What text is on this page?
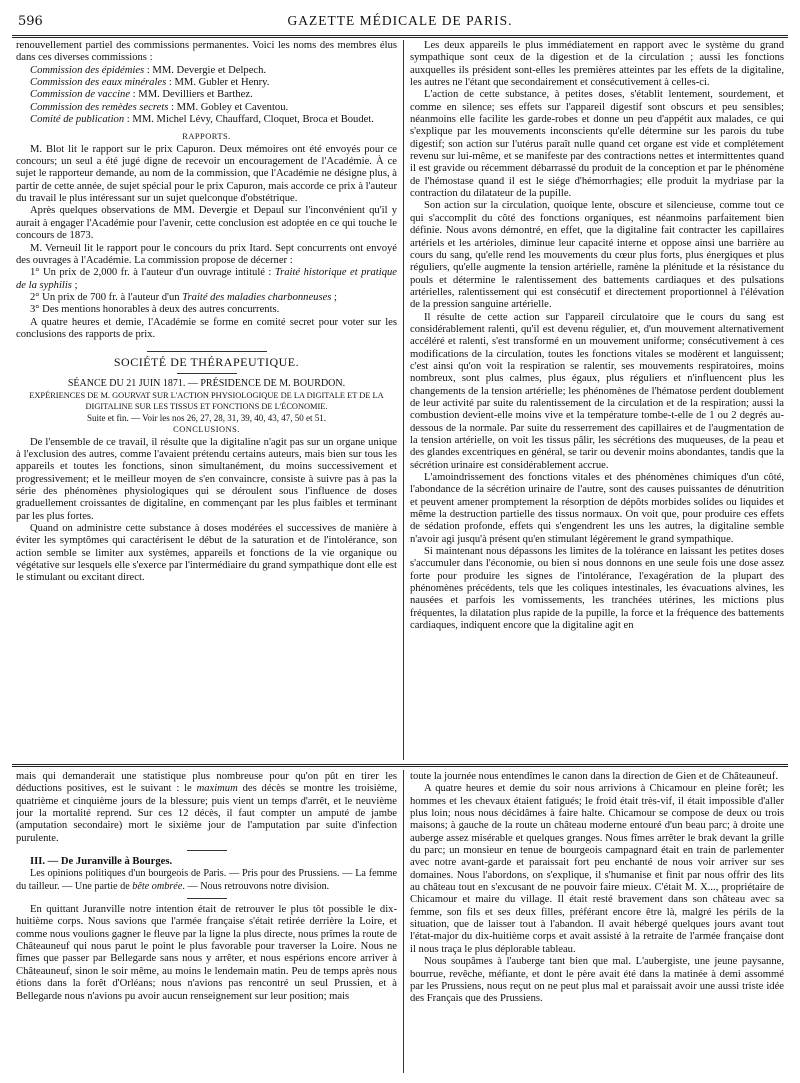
596	GAZETTE MÉDICALE DE PARIS.

renouvellement partiel des commissions permanentes. Voici les noms des membres élus dans ces diverses commissions :

Commission des épidémies : MM. Devergie et Delpech.

Commission des eaux minérales : MM. Gubler et Henry.

Commission de vaccine : MM. Devilliers et Barthez.

Commission des remèdes secrets : MM. Gobley et Caventou.

Comité de publication : MM. Michel Lévy, Chauffard, Cloquet, Broca et Boudet.

RAPPORTS.

M. Blot lit le rapport sur le prix Capuron. Deux mémoires ont été envoyés pour ce concours; un seul a été jugé digne de recevoir un encouragement de l'Académie. À ce sujet le rapporteur demande, au nom de la commission, que l'Académie ne désigne plus, à partir de cette année, de sujet spécial pour le prix Capuron, mais accorde ce prix à l'auteur du travail le plus intéressant sur un sujet quelconque d'obstétrique.

Après quelques observations de MM. Devergie et Depaul sur l'inconvénient qu'il y aurait à engager l'Académie pour l'avenir, cette conclusion est adoptée en ce qui touche le concours de 1873.

M. Verneuil lit le rapport pour le concours du prix Itard. Sept concurrents ont envoyé des ouvrages à l'Académie. La commission propose de décerner :

1° Un prix de 2,000 fr. à l'auteur d'un ouvrage intitulé : Traité historique et pratique de la syphilis ;

2° Un prix de 700 fr. à l'auteur d'un Traité des maladies charbonneuses ;

3° Des mentions honorables à deux des autres concurrents.

A quatre heures et demie, l'Académie se forme en comité secret pour voter sur les conclusions des rapports de prix.

SOCIÉTÉ DE THÉRAPEUTIQUE.

SÉANCE DU 21 JUIN 1871. — PRÉSIDENCE DE M. BOURDON.

EXPÉRIENCES DE M. GOURVAT SUR L'ACTION PHYSIOLOGIQUE DE LA DIGITALE ET DE LA DIGITALINE SUR LES TISSUS ET FONCTIONS DE L'ÉCONOMIE.

Suite et fin. — Voir les nos 26, 27, 28, 31, 39, 40, 43, 47, 50 et 51.

CONCLUSIONS.

De l'ensemble de ce travail, il résulte que la digitaline n'agit pas sur un organe unique à l'exclusion des autres, comme l'avaient prétendu certains auteurs, mais bien sur tous les appareils et toutes les fonctions, sinon simultanément, du moins successivement et progressivement; et le meilleur moyen de s'en convaincre, consiste à suivre pas à pas la série des phénomènes physiologiques qui se déroulent sous l'influence de doses graduellement croissantes de digitaline, en commençant par les plus faibles et terminant par les plus fortes.

Quand on administre cette substance à doses modérées el successives de manière à éviter les symptômes qui caractérisent le début de la saturation et de l'intolérance, son action semble se limiter aux systèmes, appareils et fonctions de la vie organique ou végétative sur lesquels elle s'exerce par l'intermédiaire du grand sympathique dont elle est le stimulant ou excitant direct.

Les deux appareils le plus immédiatement en rapport avec le système du grand sympathique sont ceux de la digestion et de la circulation ; aussi les fonctions auxquelles ils président sont-elles les premières atteintes par les effets de la digitaline, les autres ne l'étant que secondairement et consécutivement à celles-ci.

L'action de cette substance, à petites doses, s'établit lentement, sourdement, et comme en silence; ses effets sur l'appareil digestif sont obscurs et peu sensibles; néanmoins elle facilite les garde-robes et donne un peu d'appétit aux malades, ce qui s'explique par les mouvements inconscients qu'elle détermine sur les parois du tube digestif; son action sur l'utérus paraît nulle quand cet organe est vide et complétement revenu sur lui-même, et se manifeste par des contractions nettes et intermittentes quand il est gravide ou récemment débarrassé du produit de la conception et par le phénomène de l'hémostase quand il est le siége d'hémorrhagies; elle produit la mydriase par la contraction du dilatateur de la pupille.

Son action sur la circulation, quoique lente, obscure et silencieuse, comme tout ce qui s'accomplit du côté des fonctions organiques, est néanmoins parfaitement bien définie. Nous avons démontré, en effet, que la digitaline fait contracter les capillaires artériels et les artérioles, diminue leur capacité interne et oppose ainsi une barrière au cours du sang, qu'elle rend les mouvements du cœur plus forts, plus énergiques et plus réguliers, qu'elle augmente la tension artérielle, ramène la plénitude et la résistance du pouls et détermine le ralentissement des battements cardiaques et des pulsations artérielles, ralentissement qui est consécutif et directement proportionnel à l'élévation de la pression sanguine artérielle.

Il résulte de cette action sur l'appareil circulatoire que le cours du sang est considérablement ralenti, qu'il est devenu régulier, et, d'un mouvement alternativement accéléré et ralenti, s'est transformé en un mouvement uniforme; consécutivement à ces modifications de la circulation, toutes les fonctions vitales se modèrent et languissent; c'est ainsi qu'on voit la respiration se ralentir, ses mouvements respiratoires, moins nombreux, sont plus calmes, plus égaux, plus réguliers et n'influencent plus les changements de la tension artérielle; les phénomènes de l'hématose perdent doublement de leur activité par suite du ralentissement de la circulation et de la respiration; aussi la combustion devient-elle moins vive et la température tombe-t-elle de 1 ou 2 degrés au-dessous de la normale. Par suite du resserrement des capillaires et de l'augmentation de la tension artérielle, on voit les tissus pâlir, les sécrétions des muqueuses, de la peau et des glandes excentriques en général, se tarir ou devenir moins abondantes, tandis que la sécrétion urinaire est considérablement accrue.

L'amoindrissement des fonctions vitales et des phénomènes chimiques d'un côté, l'abondance de la sécrétion urinaire de l'autre, sont des causes puissantes de dénutrition et peuvent amener promptement la résorption de dépôts morbides solides ou liquides et même la destruction partielle des tissus normaux. On voit que, pour produire ces effets de sédation profonde, effets qui s'engendrent les uns les autres, la digitaline semble n'avoir agi jusqu'à présent qu'en stimulant légèrement le grand sympathique.

Si maintenant nous dépassons les limites de la tolérance en laissant les petites doses s'accumuler dans l'économie, ou bien si nous donnons en une seule fois une dose assez forte pour produire les signes de l'intolérance, l'exagération de la plupart des phénomènes précédents, tels que les coliques intestinales, les évacuations alvines, les nausées et parfois les vomissements, les tranchées utérines, les mictions plus fréquentes, la dilatation plus rapide de la pupille, la force et la fréquence des battements cardiaques, indiquent encore que la digitaline agit en

mais qui demanderait une statistique plus nombreuse pour qu'on pût en tirer les déductions positives, est le suivant : le maximum des décès se montre les troisième, quatrième et cinquième jours de la blessure; puis vient un temps d'arrêt, et le neuvième jour la mortalité reprend. Sur ces 12 décès, il faut compter un amputé de jambe (amputation secondaire) mort le sixième jour de l'amputation par suite d'infection purulente.

III. — De Juranville à Bourges.

Les opinions politiques d'un bourgeois de Paris. — Pris pour des Prussiens. — La femme du tailleur. — Une partie de bête ombrée. — Nous retrouvons notre division.

En quittant Juranville notre intention était de retrouver le plus tôt possible le dix-huitième corps. Nous savions que l'armée française s'était retirée derrière la Loire, et comme nous voulions gagner le fleuve par la ligne la plus directe, nous prîmes la route de Châteauneuf qui nous parut le point le plus favorable pour traverser la Loire. Nous ne fîmes que passer par Bellegarde sans nous y arrêter, et nous espérions encore arriver à Châteauneuf, sinon le soir même, au moins le lendemain matin. Peu de temps après nous étions dans la forêt d'Orléans; nous n'avions pas rencontré un seul Prussien, et à Bellegarde nous n'avions pu avoir aucun renseignement sur leur position; mais

toute la journée nous entendîmes le canon dans la direction de Gien et de Châteauneuf.

A quatre heures et demie du soir nous arrivions à Chicamour en pleine forêt; les hommes et les chevaux étaient fatigués; le froid était très-vif, il était impossible d'aller plus loin; nous nous décidâmes à faire halte. Chicamour se compose de deux ou trois maisons; à gauche de la route un château moderne entouré d'un beau parc; à droite une auberge assez misérable et quelques granges. Nous fîmes arrêter le brak devant la grille du parc; un monsieur en tenue de bourgeois campagnard était en train de parlementer avec notre avant-garde et paraissait fort peu enchanté de nous voir arriver sur ses domaines. Nous l'abordons, on s'explique, il s'humanise et finit par nous offrir des lits au château tout en s'excusant de ne pouvoir faire mieux. C'était M. X..., propriétaire de Chicamour et maire du village. Il était resté bravement dans son château avec sa femme, son fils et ses deux filles, préférant encore être là, malgré les périls de la situation, que de laisser tout à l'abandon. Il avait hébergé quelques jours avant tout l'état-major du dix-huitième corps et avait assisté à la retraite de l'armée française dont il nous traça le plus déplorable tableau.

Nous soupâmes à l'auberge tant bien que mal. L'aubergiste, une jeune paysanne, bourrue, revêche, méfiante, et dont le père avait été dans la matinée à demi assommé par les Prussiens, nous reçut on ne peut plus mal et paraissait avoir une aussi triste idée des Français que des Prussiens.
